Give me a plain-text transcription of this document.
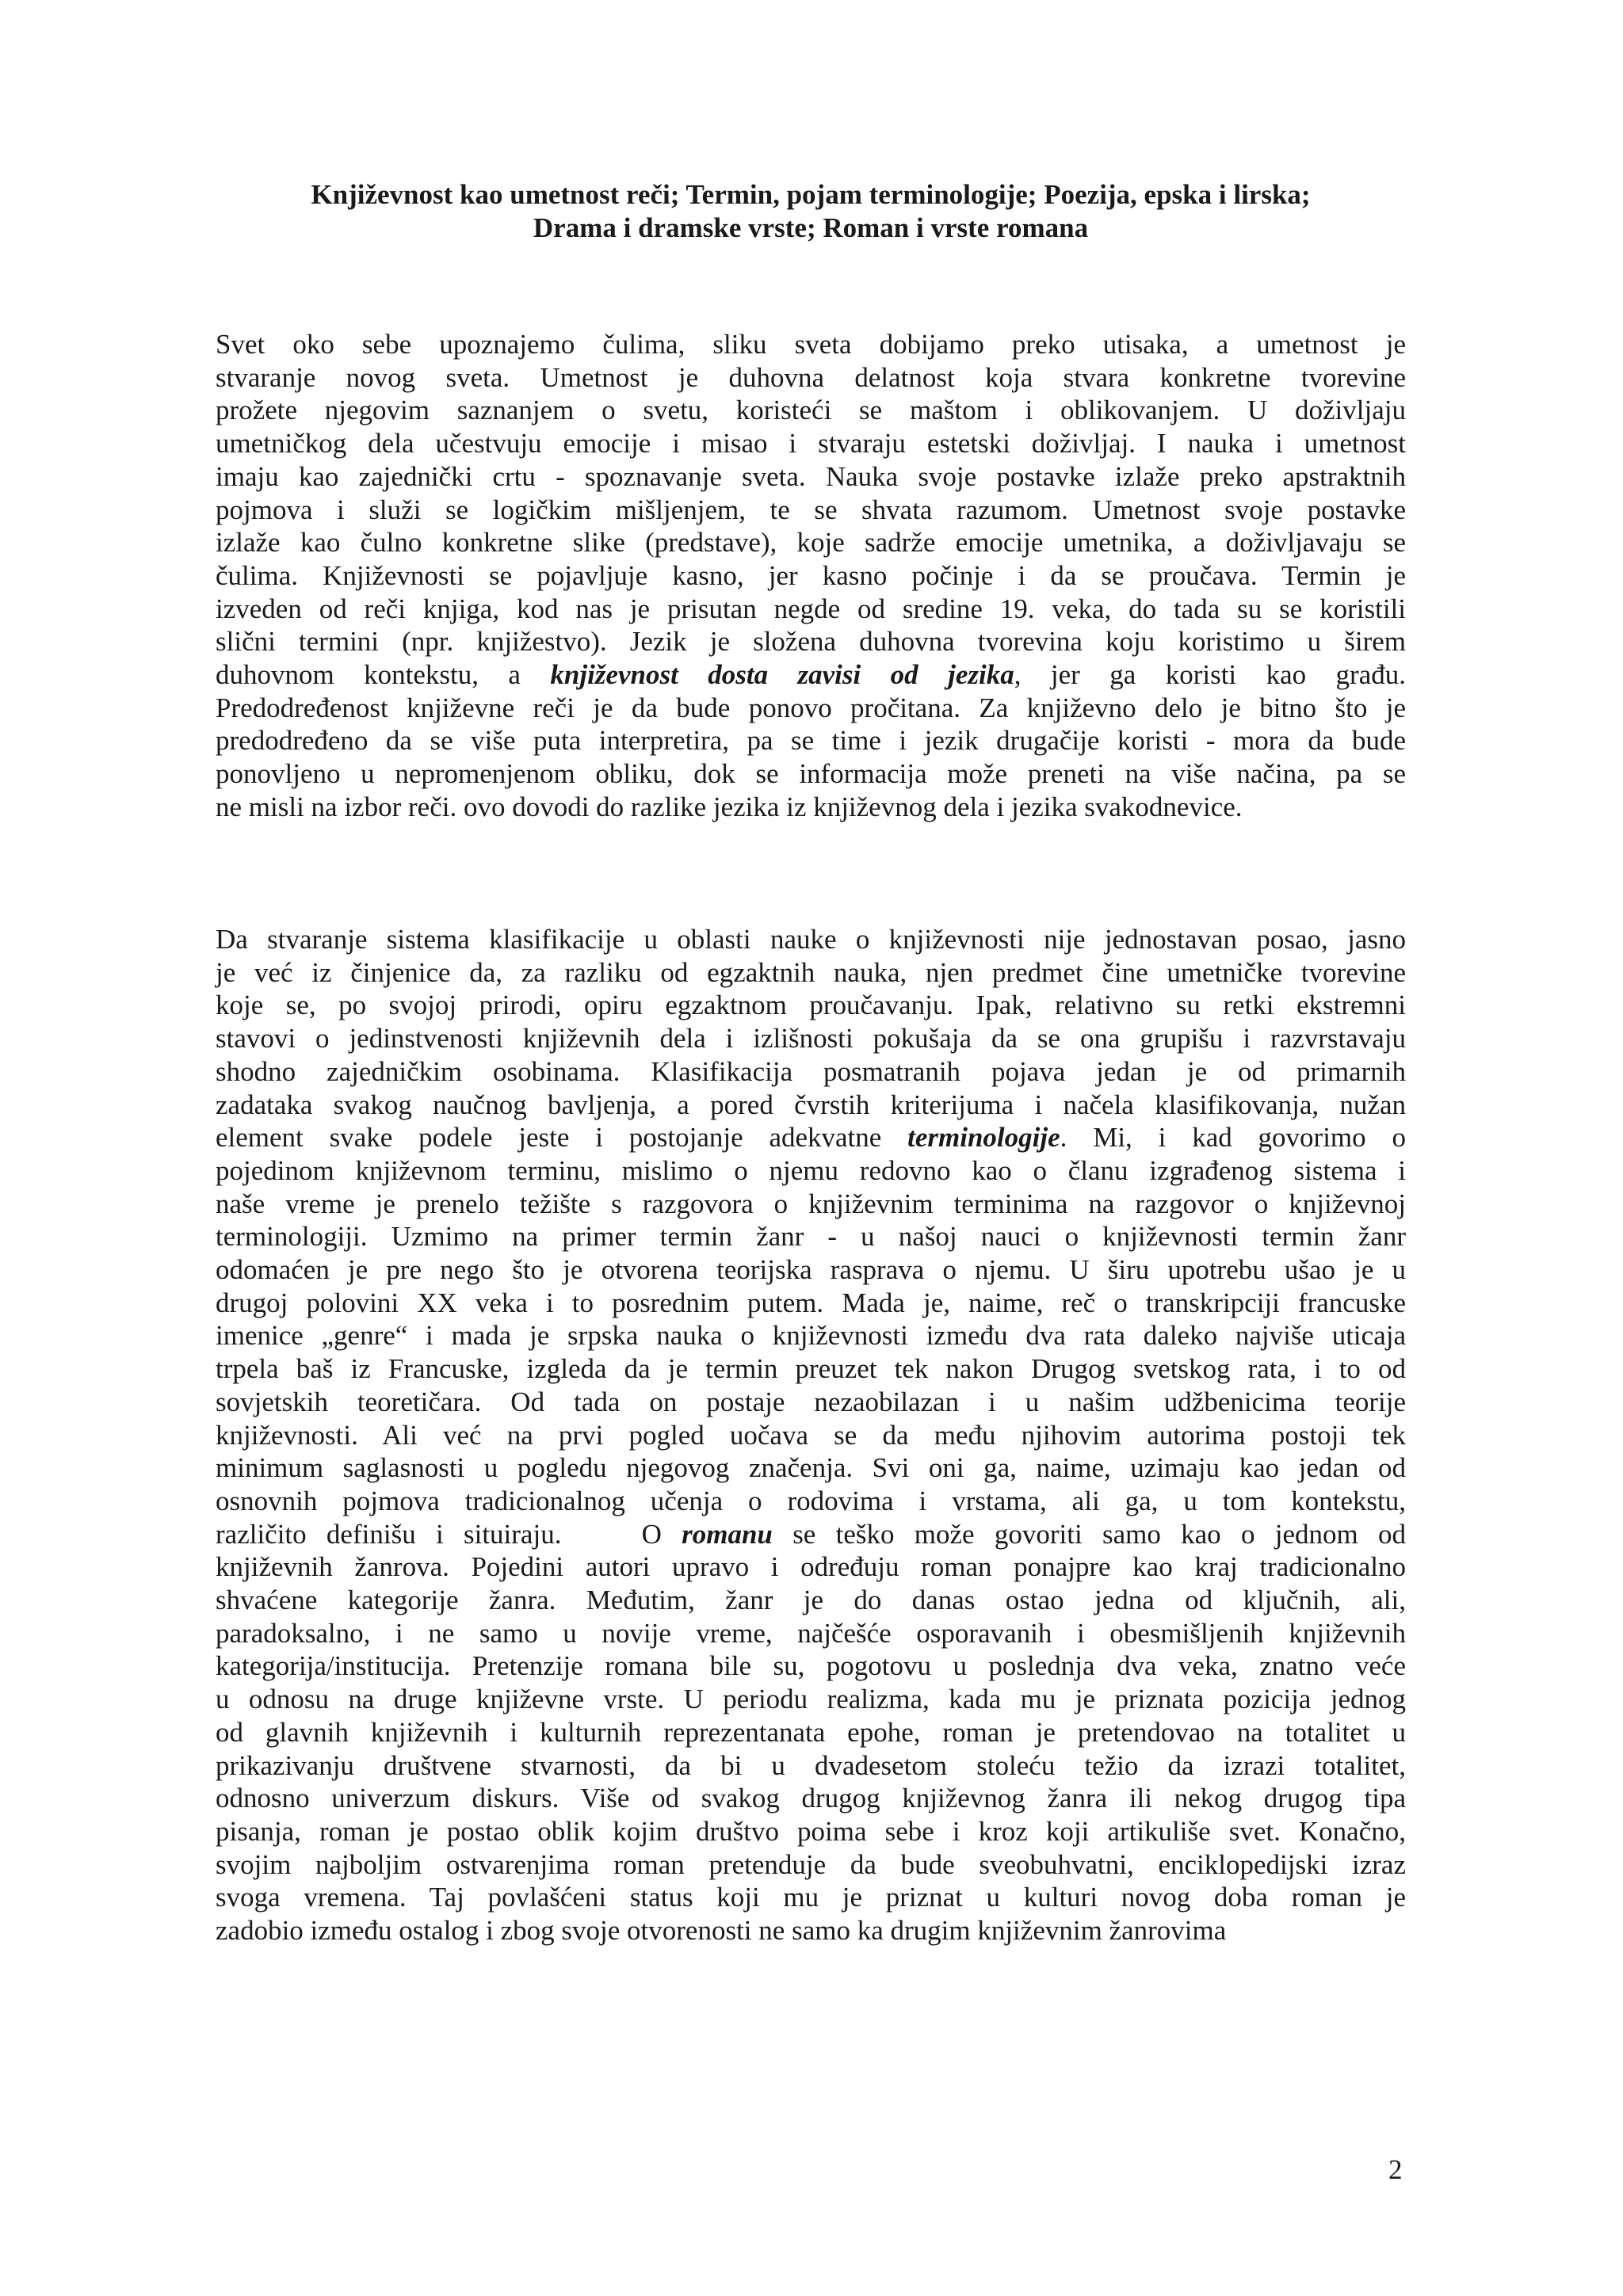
Književnost kao umetnost reči; Termin, pojam terminologije; Poezija, epska i lirska;
Drama i dramske vrste; Roman i vrste romana
Svet oko sebe upoznajemo čulima, sliku sveta dobijamo preko utisaka, a umetnost je
stvaranje novog sveta. Umetnost je duhovna delatnost koja stvara konkretne tvorevine
prožete njegovim saznanjem o svetu, koristeći se maštom i oblikovanjem. U doživljaju
umetničkog dela učestvuju emocije i misao i stvaraju estetski doživljaj. I nauka i umetnost
imaju kao zajednički crtu - spoznavanje sveta. Nauka svoje postavke izlaže preko apstraktnih
pojmova i služi se logičkim mišljenjem, te se shvata razumom. Umetnost svoje postavke
izlaže kao čulno konkretne slike (predstave), koje sadrže emocije umetnika, a doživljavaju se
čulima. Književnosti se pojavljuje kasno, jer kasno počinje i da se proučava. Termin je
izveden od reči knjiga, kod nas je prisutan negde od sredine 19. veka, do tada su se koristili
slični termini (npr. knjižestvo). Jezik je složena duhovna tvorevina koju koristimo u širem
duhovnom kontekstu, a književnost dosta zavisi od jezika, jer ga koristi kao građu.
Predodređenost književne reči je da bude ponovo pročitana. Za književno delo je bitno što je
predodređeno da se više puta interpretira, pa se time i jezik drugačije koristi - mora da bude
ponovljeno u nepromenjenom obliku, dok se informacija može preneti na više načina, pa se
ne misli na izbor reči. ovo dovodi do razlike jezika iz književnog dela i jezika svakodnevice.
Da stvaranje sistema klasifikacije u oblasti nauke o književnosti nije jednostavan posao, jasno
je već iz činjenice da, za razliku od egzaktnih nauka, njen predmet čine umetničke tvorevine
koje se, po svojoj prirodi, opiru egzaktnom proučavanju. Ipak, relativno su retki ekstremni
stavovi o jedinstvenosti književnih dela i izlišnosti pokušaja da se ona grupišu i razvrstavaju
shodno zajedničkim osobinama. Klasifikacija posmatranih pojava jedan je od primarnih
zadataka svakog naučnog bavljenja, a pored čvrstih kriterijuma i načela klasifikovanja, nužan
element svake podele jeste i postojanje adekvatne terminologije. Mi, i kad govorimo o
pojedinom književnom terminu, mislimo o njemu redovno kao o članu izgrađenog sistema i
naše vreme je prenelo težište s razgovora o književnim terminima na razgovor o književnoj
terminologiji. Uzmimo na primer termin žanr - u našoj nauci o književnosti termin žanr
odomaćen je pre nego što je otvorena teorijska rasprava o njemu. U širu upotrebu ušao je u
drugoj polovini XX veka i to posrednim putem. Mada je, naime, reč o transkripciji francuske
imenice „genre“ i mada je srpska nauka o književnosti između dva rata daleko najviše uticaja
trpela baš iz Francuske, izgleda da je termin preuzet tek nakon Drugog svetskog rata, i to od
sovjetskih teoretičara. Od tada on postaje nezaobilazan i u našim udžbenicima teorije
književnosti. Ali već na prvi pogled uočava se da među njihovim autorima postoji tek
minimum saglasnosti u pogledu njegovog značenja. Svi oni ga, naime, uzimaju kao jedan od
osnovnih pojmova tradicionalnog učenja o rodovima i vrstama, ali ga, u tom kontekstu,
različito definišu i situiraju.    O romanu se teško može govoriti samo kao o jednom od
književnih žanrova. Pojedini autori upravo i određuju roman ponajpre kao kraj tradicionalno
shvaćene kategorije žanra. Međutim, žanr je do danas ostao jedna od ključnih, ali,
paradoksalno, i ne samo u novije vreme, najčešće osporavanih i obesmišljenih književnih
kategorija/institucija. Pretenzije romana bile su, pogotovu u poslednja dva veka, znatno veće
u odnosu na druge književne vrste. U periodu realizma, kada mu je priznata pozicija jednog
od glavnih književnih i kulturnih reprezentanata epohe, roman je pretendovao na totalitet u
prikazivanju društvene stvarnosti, da bi u dvadesetom stoleću težio da izrazi totalitet,
odnosno univerzum diskurs. Više od svakog drugog književnog žanra ili nekog drugog tipa
pisanja, roman je postao oblik kojim društvo poima sebe i kroz koji artikuliše svet. Konačno,
svojim najboljim ostvarenjima roman pretenduje da bude sveobuhvatni, enciklopedijski izraz
svoga vremena. Taj povlašćeni status koji mu je priznat u kulturi novog doba roman je
zadobio između ostalog i zbog svoje otvorenosti ne samo ka drugim književnim žanrovima
2
